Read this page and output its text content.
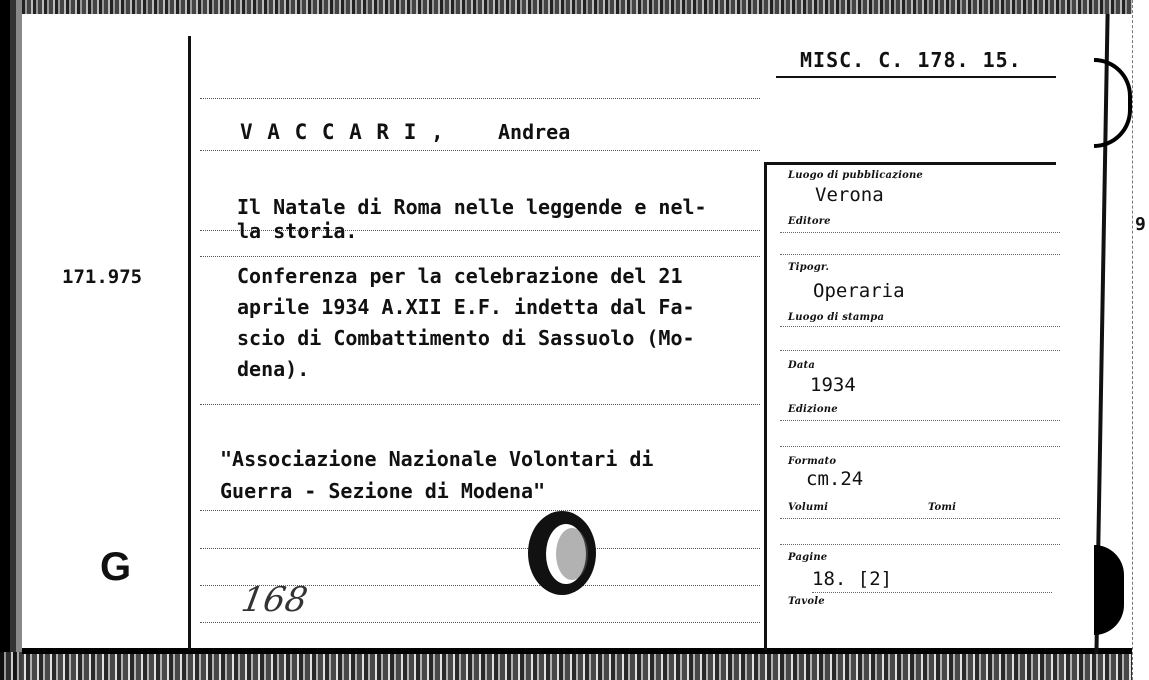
MISC. C. 178. 15.
V A C C A R I ,	Andrea
Il Natale di Roma nelle leggende e nel-
la storia.
Conferenza per la celebrazione del 21
aprile 1934 A.XII E.F. indetta dal Fa-
scio di Combattimento di Sassuolo (Mo-
dena).
"Associazione Nazionale Volontari di
Guerra - Sezione di Modena"
171.975
G
9
168
Luogo di pubblicazione
Verona
Editore
Tipogr.
Operaria
Luogo di stampa
Data
1934
Edizione
Formato
cm.24
Volumi	Tomi
Pagine
18. [2]
Tavole
